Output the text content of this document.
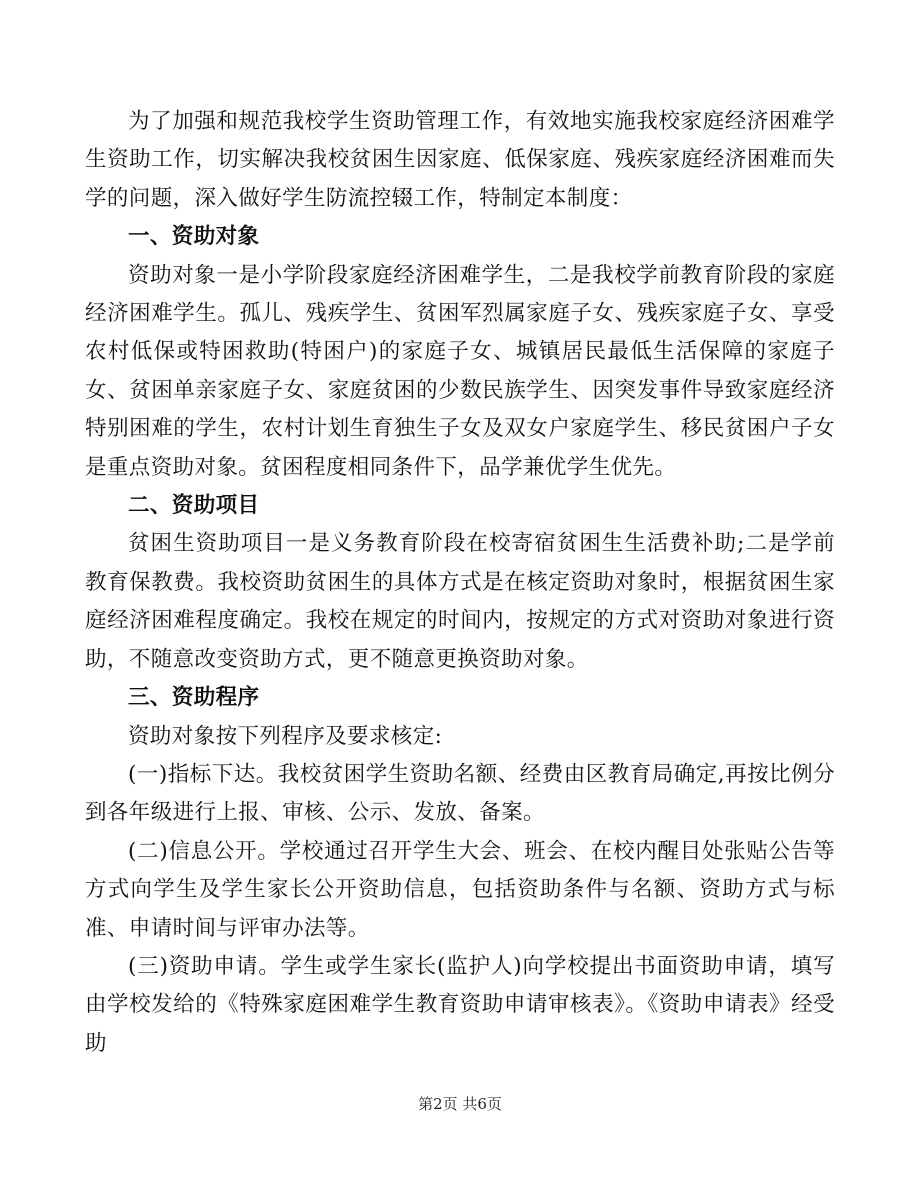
为了加强和规范我校学生资助管理工作，有效地实施我校家庭经济困难学生资助工作，切实解决我校贫困生因家庭、低保家庭、残疾家庭经济困难而失学的问题，深入做好学生防流控辍工作，特制定本制度：

一、资助对象

资助对象一是小学阶段家庭经济困难学生，二是我校学前教育阶段的家庭经济困难学生。孤儿、残疾学生、贫困军烈属家庭子女、残疾家庭子女、享受农村低保或特困救助(特困户)的家庭子女、城镇居民最低生活保障的家庭子女、贫困单亲家庭子女、家庭贫困的少数民族学生、因突发事件导致家庭经济特别困难的学生，农村计划生育独生子女及双女户家庭学生、移民贫困户子女是重点资助对象。贫困程度相同条件下，品学兼优学生优先。

二、资助项目

贫困生资助项目一是义务教育阶段在校寄宿贫困生生活费补助;二是学前教育保教费。我校资助贫困生的具体方式是在核定资助对象时，根据贫困生家庭经济困难程度确定。我校在规定的时间内，按规定的方式对资助对象进行资助，不随意改变资助方式，更不随意更换资助对象。

三、资助程序

资助对象按下列程序及要求核定:

(一)指标下达。我校贫困学生资助名额、经费由区教育局确定,再按比例分到各年级进行上报、审核、公示、发放、备案。

(二)信息公开。学校通过召开学生大会、班会、在校内醒目处张贴公告等方式向学生及学生家长公开资助信息，包括资助条件与名额、资助方式与标准、申请时间与评审办法等。

(三)资助申请。学生或学生家长(监护人)向学校提出书面资助申请，填写由学校发给的《特殊家庭困难学生教育资助申请审核表》。《资助申请表》经受助

第2页 共6页
